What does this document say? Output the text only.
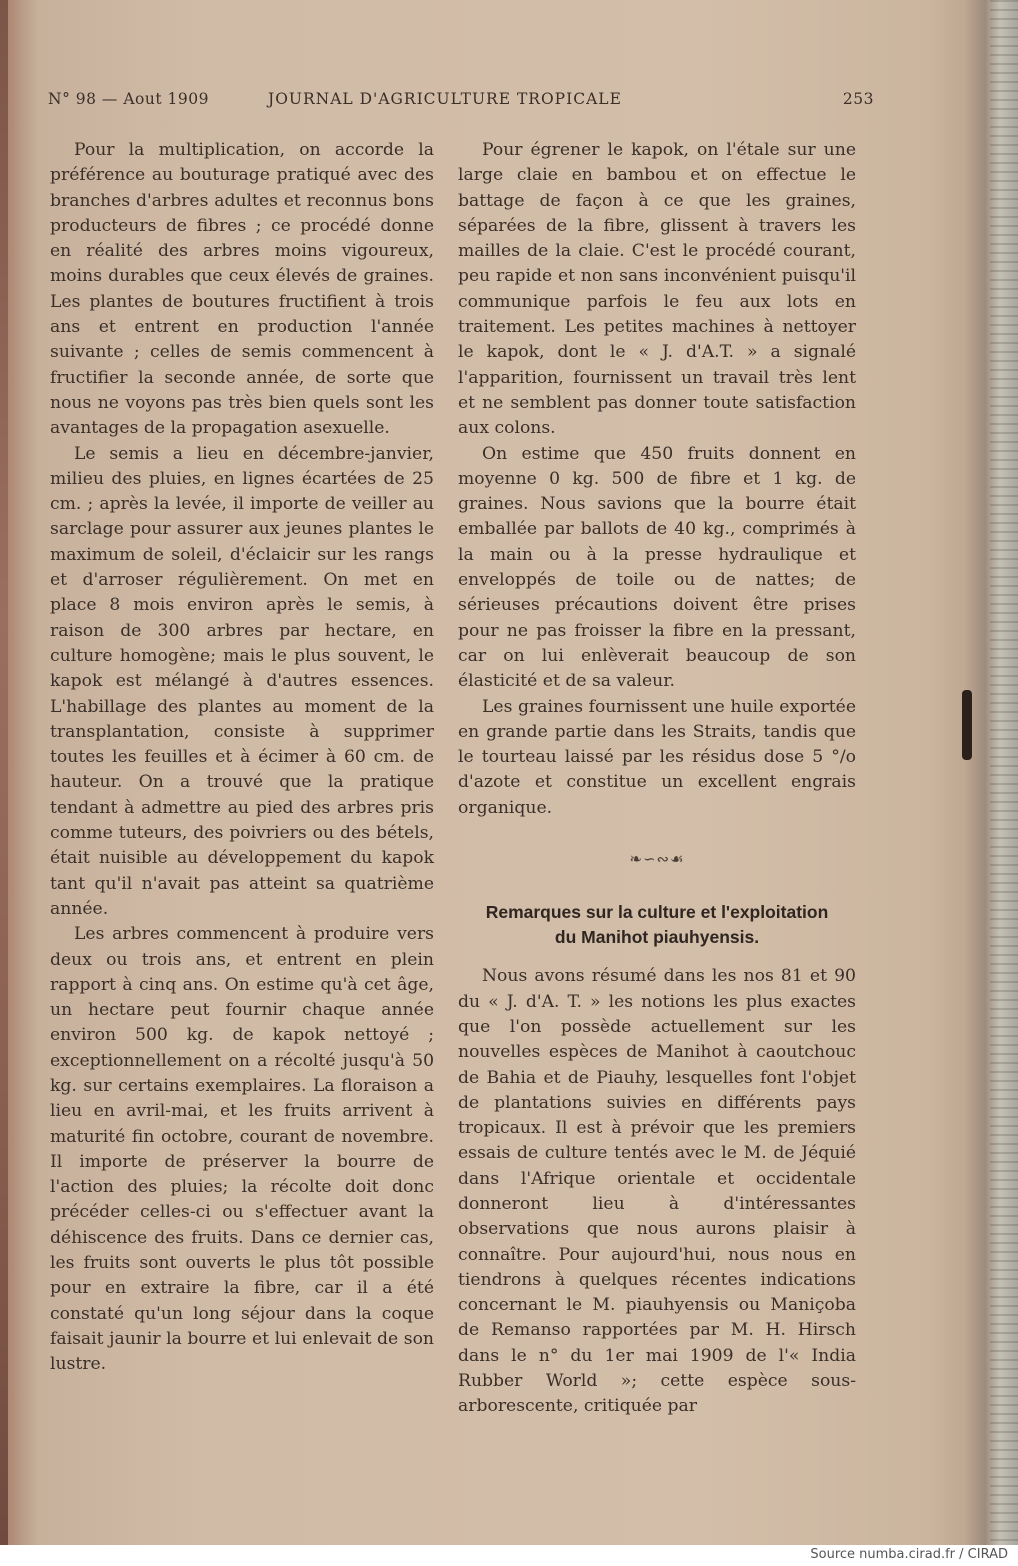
N° 98 — Aout 1909	JOURNAL D'AGRICULTURE TROPICALE	253

Pour la multiplication, on accorde la préférence au bouturage pratiqué avec des branches d'arbres adultes et reconnus bons producteurs de fibres ; ce procédé donne en réalité des arbres moins vigoureux, moins durables que ceux élevés de graines. Les plantes de boutures fructifient à trois ans et entrent en production l'année suivante ; celles de semis commencent à fructifier la seconde année, de sorte que nous ne voyons pas très bien quels sont les avantages de la propagation asexuelle.

Le semis a lieu en décembre-janvier, milieu des pluies, en lignes écartées de 25 cm. ; après la levée, il importe de veiller au sarclage pour assurer aux jeunes plantes le maximum de soleil, d'éclaicir sur les rangs et d'arroser régulièrement. On met en place 8 mois environ après le semis, à raison de 300 arbres par hectare, en culture homogène; mais le plus souvent, le kapok est mélangé à d'autres essences. L'habillage des plantes au moment de la transplantation, consiste à supprimer toutes les feuilles et à écimer à 60 cm. de hauteur. On a trouvé que la pratique tendant à admettre au pied des arbres pris comme tuteurs, des poivriers ou des bétels, était nuisible au développement du kapok tant qu'il n'avait pas atteint sa quatrième année.

Les arbres commencent à produire vers deux ou trois ans, et entrent en plein rapport à cinq ans. On estime qu'à cet âge, un hectare peut fournir chaque année environ 500 kg. de kapok nettoyé ; exceptionnellement on a récolté jusqu'à 50 kg. sur certains exemplaires. La floraison a lieu en avril-mai, et les fruits arrivent à maturité fin octobre, courant de novembre. Il importe de préserver la bourre de l'action des pluies; la récolte doit donc précéder celles-ci ou s'effectuer avant la déhiscence des fruits. Dans ce dernier cas, les fruits sont ouverts le plus tôt possible pour en extraire la fibre, car il a été constaté qu'un long séjour dans la coque faisait jaunir la bourre et lui enlevait de son lustre.

Pour égrener le kapok, on l'étale sur une large claie en bambou et on effectue le battage de façon à ce que les graines, séparées de la fibre, glissent à travers les mailles de la claie. C'est le procédé courant, peu rapide et non sans inconvénient puisqu'il communique parfois le feu aux lots en traitement. Les petites machines à nettoyer le kapok, dont le « J. d'A.T. » a signalé l'apparition, fournissent un travail très lent et ne semblent pas donner toute satisfaction aux colons.

On estime que 450 fruits donnent en moyenne 0 kg. 500 de fibre et 1 kg. de graines. Nous savions que la bourre était emballée par ballots de 40 kg., comprimés à la main ou à la presse hydraulique et enveloppés de toile ou de nattes; de sérieuses précautions doivent être prises pour ne pas froisser la fibre en la pressant, car on lui enlèverait beaucoup de son élasticité et de sa valeur.

Les graines fournissent une huile exportée en grande partie dans les Straits, tandis que le tourteau laissé par les résidus dose 5 °/o d'azote et constitue un excellent engrais organique.

❧∽∾☙
Remarques sur la culture et l'exploitation
du Manihot piauhyensis.

Nous avons résumé dans les nos 81 et 90 du « J. d'A. T. » les notions les plus exactes que l'on possède actuellement sur les nouvelles espèces de Manihot à caoutchouc de Bahia et de Piauhy, lesquelles font l'objet de plantations suivies en différents pays tropicaux. Il est à prévoir que les premiers essais de culture tentés avec le M. de Jéquié dans l'Afrique orientale et occidentale donneront lieu à d'intéressantes observations que nous aurons plaisir à connaître. Pour aujourd'hui, nous nous en tiendrons à quelques récentes indications concernant le M. piauhyensis ou Maniçoba de Remanso rapportées par M. H. Hirsch dans le n° du 1er mai 1909 de l'« India Rubber World »; cette espèce sous-arborescente, critiquée par

Source numba.cirad.fr / CIRAD
